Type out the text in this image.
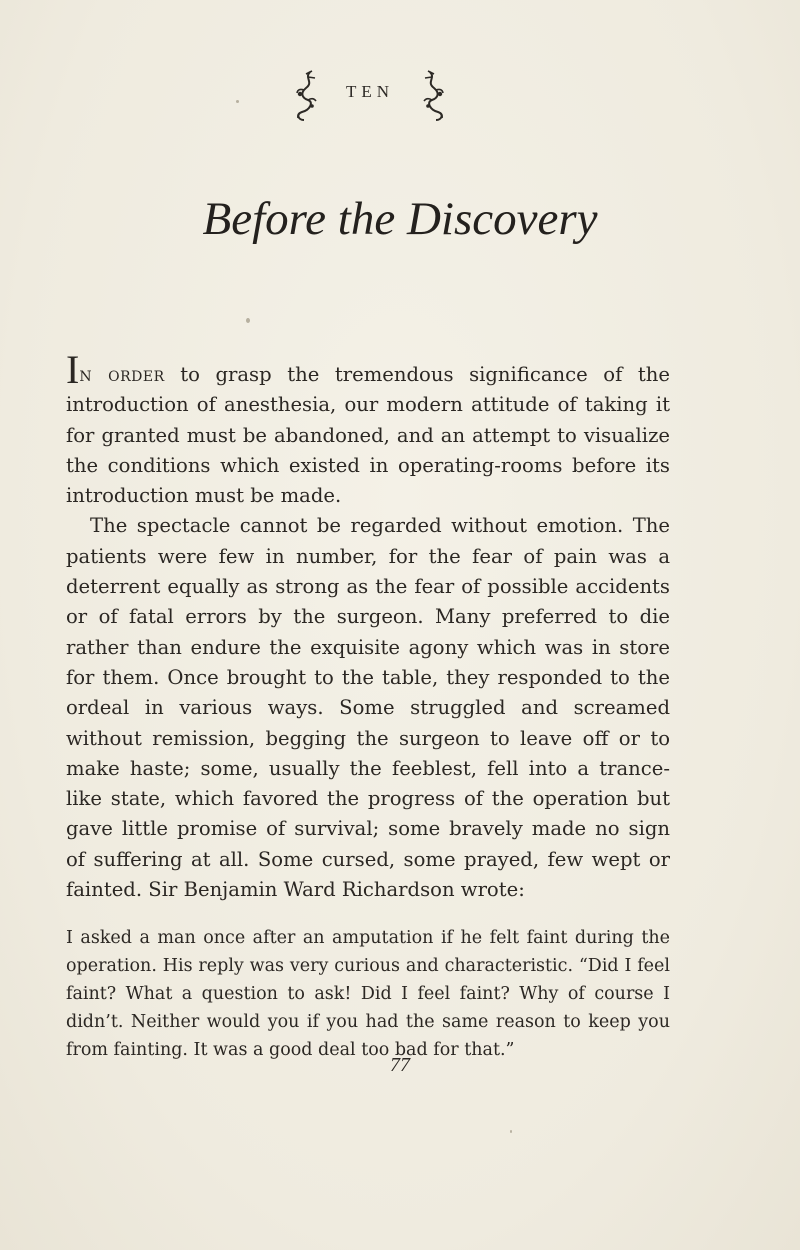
TEN
Before the Discovery

In order to grasp the tremendous significance of the introduction of anesthesia, our modern attitude of taking it for granted must be abandoned, and an attempt to visualize the conditions which existed in operating-rooms before its introduction must be made.

The spectacle cannot be regarded without emotion. The patients were few in number, for the fear of pain was a deterrent equally as strong as the fear of possible accidents or of fatal errors by the surgeon. Many preferred to die rather than endure the exquisite agony which was in store for them. Once brought to the table, they responded to the ordeal in various ways. Some struggled and screamed without remission, begging the surgeon to leave off or to make haste; some, usually the feeblest, fell into a trance-like state, which favored the progress of the operation but gave little promise of survival; some bravely made no sign of suffering at all. Some cursed, some prayed, few wept or fainted. Sir Benjamin Ward Richardson wrote:

I asked a man once after an amputation if he felt faint during the operation. His reply was very curious and characteristic. “Did I feel faint? What a question to ask! Did I feel faint? Why of course I didn’t. Neither would you if you had the same reason to keep you from fainting. It was a good deal too bad for that.”

77
